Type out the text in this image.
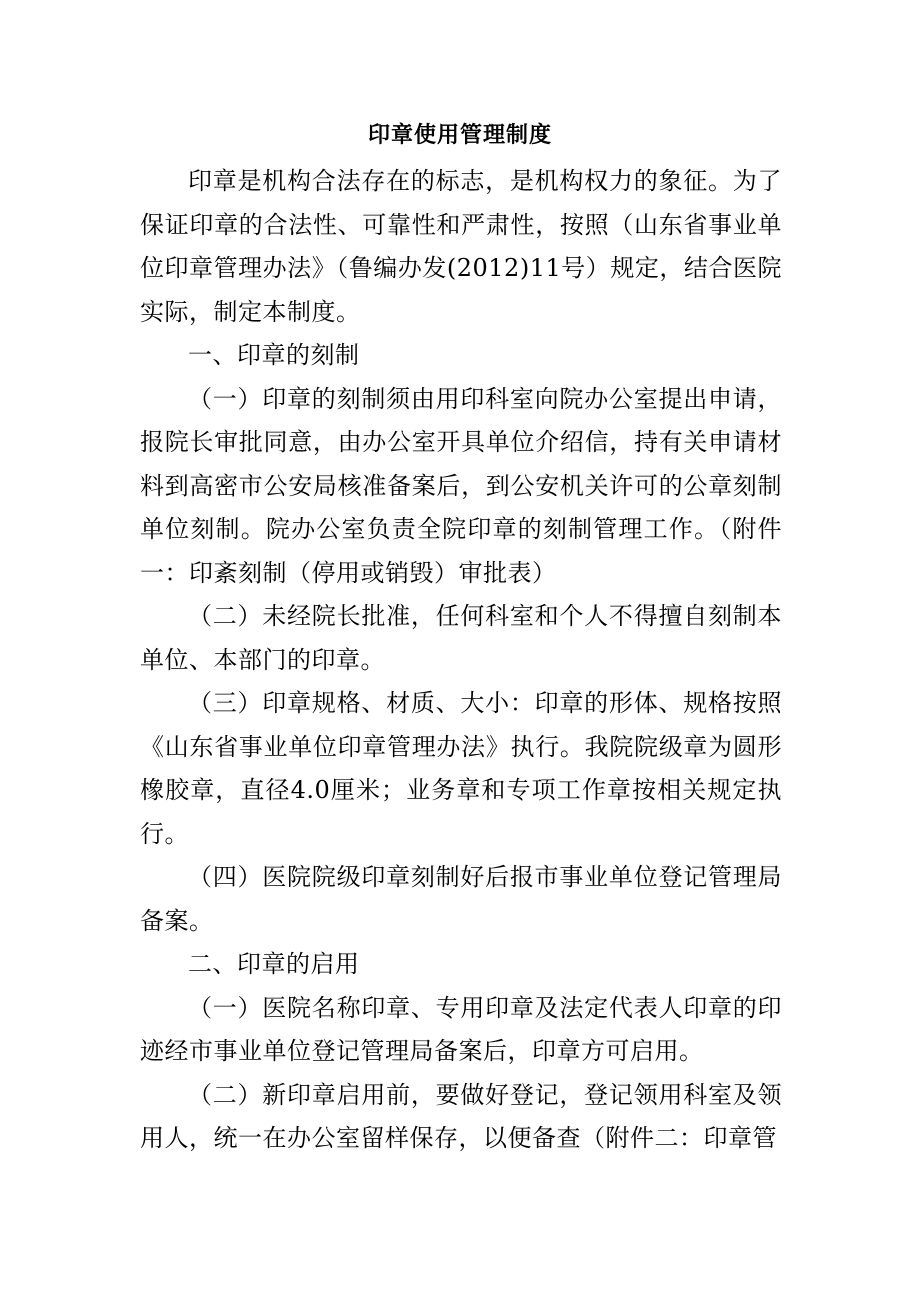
印章使用管理制度

印章是机构合法存在的标志，是机构权力的象征。为了保证印章的合法性、可靠性和严肃性，按照（山东省事业单位印章管理办法》（鲁编办发(2012)11号）规定，结合医院实际，制定本制度。

一、印章的刻制

（一）印章的刻制须由用印科室向院办公室提出申请，报院长审批同意，由办公室开具单位介绍信，持有关申请材料到高密市公安局核准备案后，到公安机关许可的公章刻制单位刻制。院办公室负责全院印章的刻制管理工作。（附件一：印紊刻制（停用或销毁）审批表）

（二）未经院长批准，任何科室和个人不得擅自刻制本单位、本部门的印章。

（三）印章规格、材质、大小：印章的形体、规格按照《山东省事业单位印章管理办法》执行。我院院级章为圆形橡胶章，直径4.0厘米；业务章和专项工作章按相关规定执行。

（四）医院院级印章刻制好后报市事业单位登记管理局备案。

二、印章的启用

（一）医院名称印章、专用印章及法定代表人印章的印迹经市事业单位登记管理局备案后，印章方可启用。

（二）新印章启用前，要做好登记，登记领用科室及领用人，统一在办公室留样保存，以便备查（附件二：印章管
